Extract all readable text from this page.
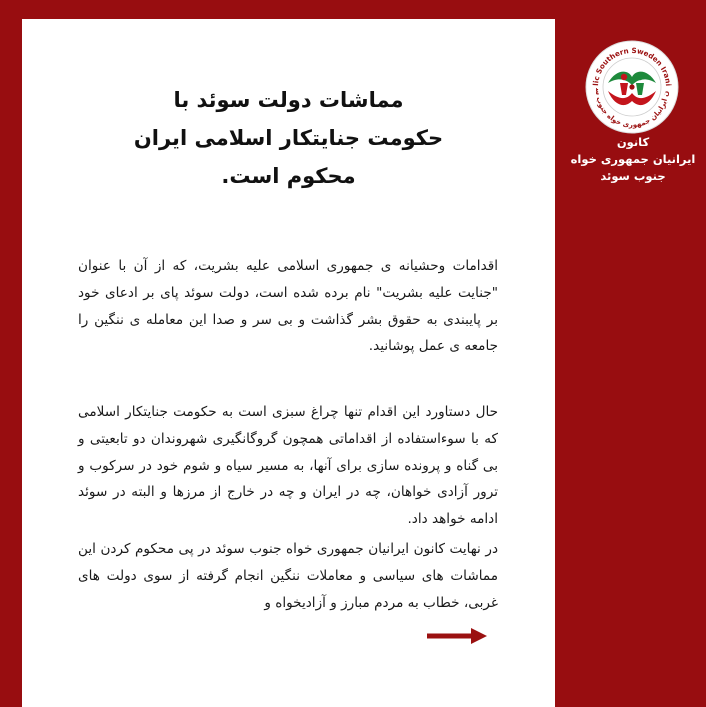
مماشات دولت سوئد با
حکومت جنایتکار اسلامی ایران
محکوم است.
اقدامات وحشیانه ی جمهوری اسلامی علیه بشریت، که از آن با عنوان "جنایت علیه بشریت" نام برده شده است، دولت سوئد پای بر ادعای خود بر پایبندی به حقوق بشر گذاشت و بی سر و صدا این معامله ی ننگین را جامعه ی عمل پوشانید.
حال دستاورد این اقدام تنها چراغ سبزی است به حکومت جنایتکار اسلامی که با سوءاستفاده از اقداماتی همچون گروگانگیری شهروندان دو تابعیتی و بی گناه و پرونده سازی برای آنها، به مسیر سیاه و شوم خود در سرکوب و ترور آزادی خواهان، چه در ایران و چه در خارج از مرزها و البته در سوئد ادامه خواهد داد.
در نهایت کانون ایرانیان جمهوری خواه جنوب سوئد در پی محکوم کردن این مماشات های سیاسی و معاملات ننگین انجام گرفته از سوی دولت های غربی، خطاب به مردم مبارز و آزادیخواه و
lic Southern Sweden Irani
ن ایرانیان جمهوری خواه جنوب س
کانون
ایرانیان جمهوری خواه
جنوب سوئد
